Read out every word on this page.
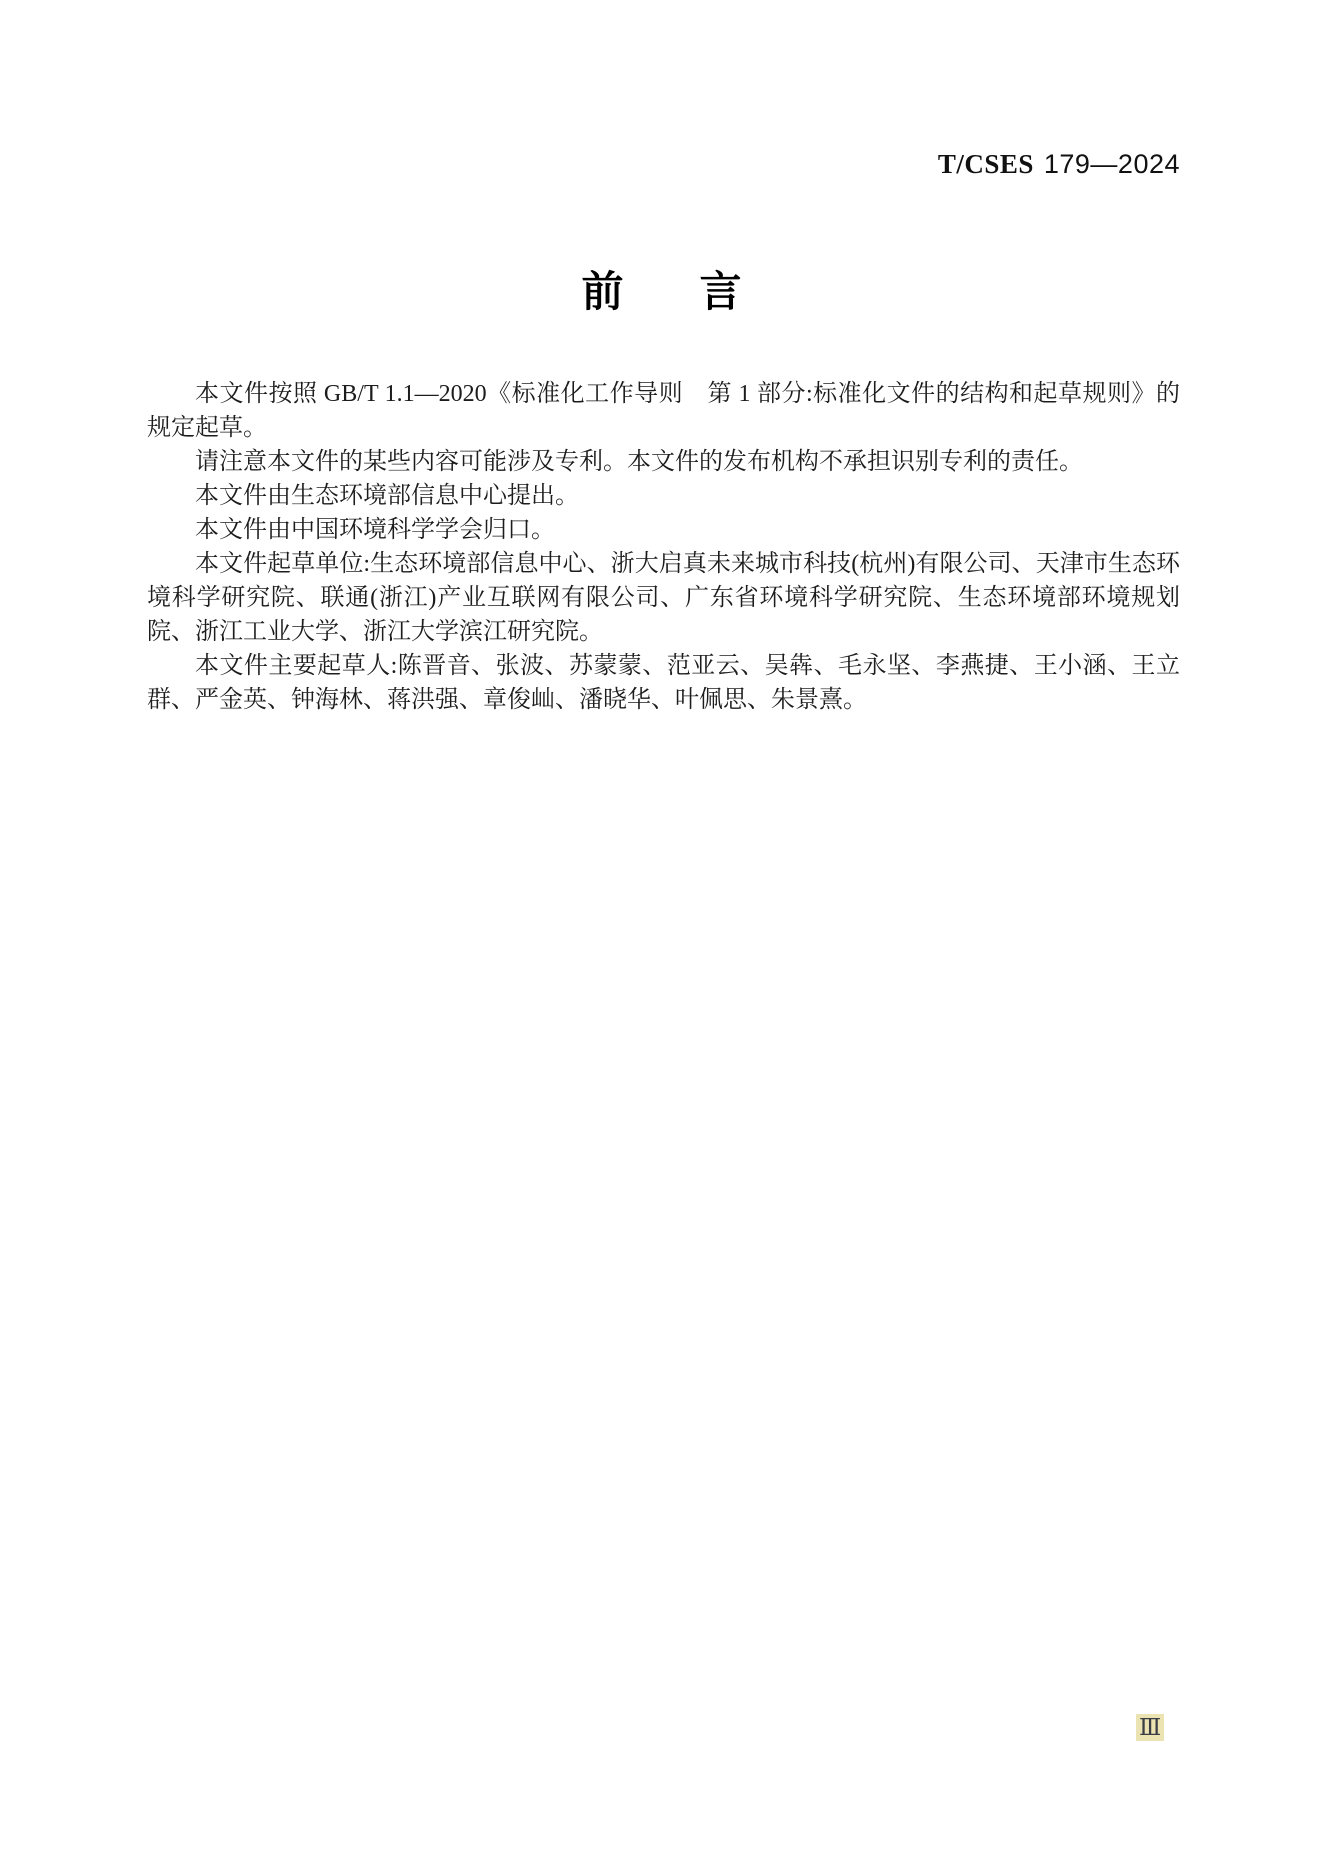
T/CSES 179—2024
前 言

本文件按照 GB/T 1.1—2020《标准化工作导则　第 1 部分:标准化文件的结构和起草规则》的规定起草。

请注意本文件的某些内容可能涉及专利。本文件的发布机构不承担识别专利的责任。

本文件由生态环境部信息中心提出。

本文件由中国环境科学学会归口。

本文件起草单位:生态环境部信息中心、浙大启真未来城市科技(杭州)有限公司、天津市生态环境科学研究院、联通(浙江)产业互联网有限公司、广东省环境科学研究院、生态环境部环境规划院、浙江工业大学、浙江大学滨江研究院。

本文件主要起草人:陈晋音、张波、苏蒙蒙、范亚云、吴犇、毛永坚、李燕捷、王小涵、王立群、严金英、钟海林、蒋洪强、章俊屾、潘晓华、叶佩思、朱景熹。

Ⅲ
